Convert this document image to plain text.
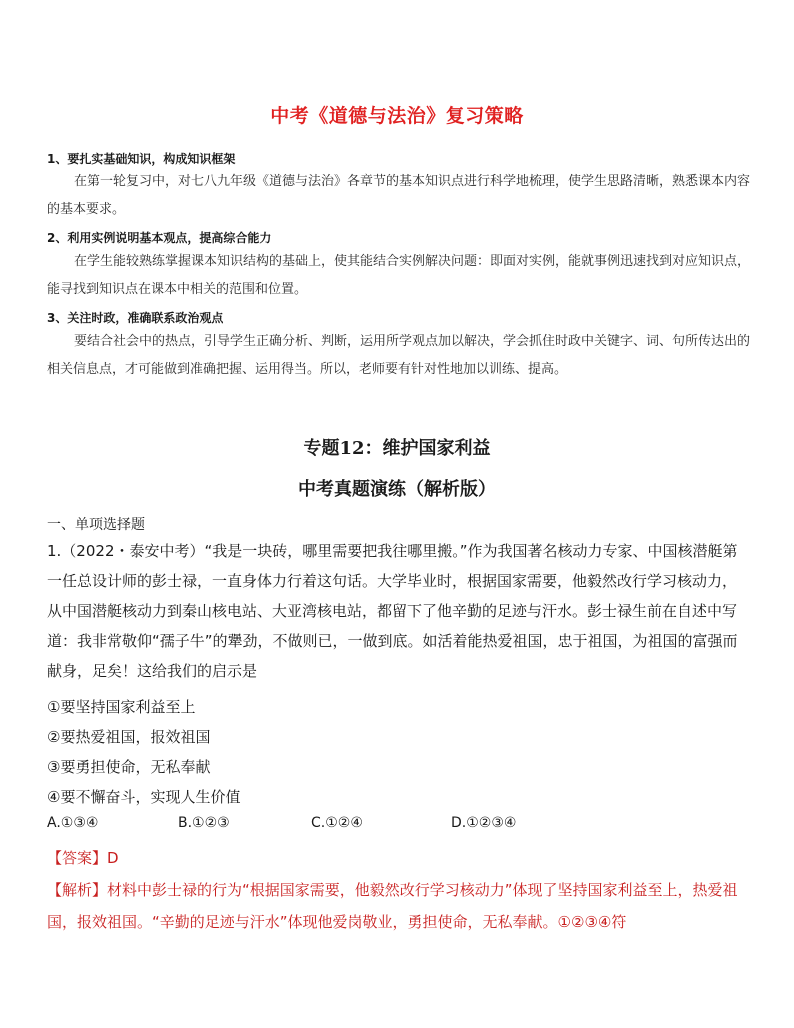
中考《道德与法治》复习策略
1、要扎实基础知识，构成知识框架
在第一轮复习中，对七八九年级《道德与法治》各章节的基本知识点进行科学地梳理，使学生思路清晰，熟悉课本内容的基本要求。
2、利用实例说明基本观点，提高综合能力
在学生能较熟练掌握课本知识结构的基础上，使其能结合实例解决问题：即面对实例，能就事例迅速找到对应知识点，能寻找到知识点在课本中相关的范围和位置。
3、关注时政，准确联系政治观点
要结合社会中的热点，引导学生正确分析、判断，运用所学观点加以解决，学会抓住时政中关键字、词、句所传达出的相关信息点，才可能做到准确把握、运用得当。所以，老师要有针对性地加以训练、提高。
专题12：维护国家利益
中考真题演练（解析版）
一、单项选择题
1.（2022・泰安中考）“我是一块砖，哪里需要把我往哪里搬。”作为我国著名核动力专家、中国核潜艇第一任总设计师的彭士禄，一直身体力行着这句话。大学毕业时，根据国家需要，他毅然改行学习核动力，从中国潜艇核动力到秦山核电站、大亚湾核电站，都留下了他辛勤的足迹与汗水。彭士禄生前在自述中写道：我非常敬仰“孺子牛”的犟劲，不做则已，一做到底。如活着能热爱祖国，忠于祖国，为祖国的富强而献身，足矣！这给我们的启示是
①要坚持国家利益至上
②要热爱祖国，报效祖国
③要勇担使命，无私奉献
④要不懈奋斗，实现人生价值
A.①③④	B.①②③	C.①②④	D.①②③④
【答案】D
【解析】材料中彭士禄的行为“根据国家需要，他毅然改行学习核动力”体现了坚持国家利益至上，热爱祖国，报效祖国。“辛勤的足迹与汗水”体现他爱岗敬业，勇担使命，无私奉献。①②③④符
